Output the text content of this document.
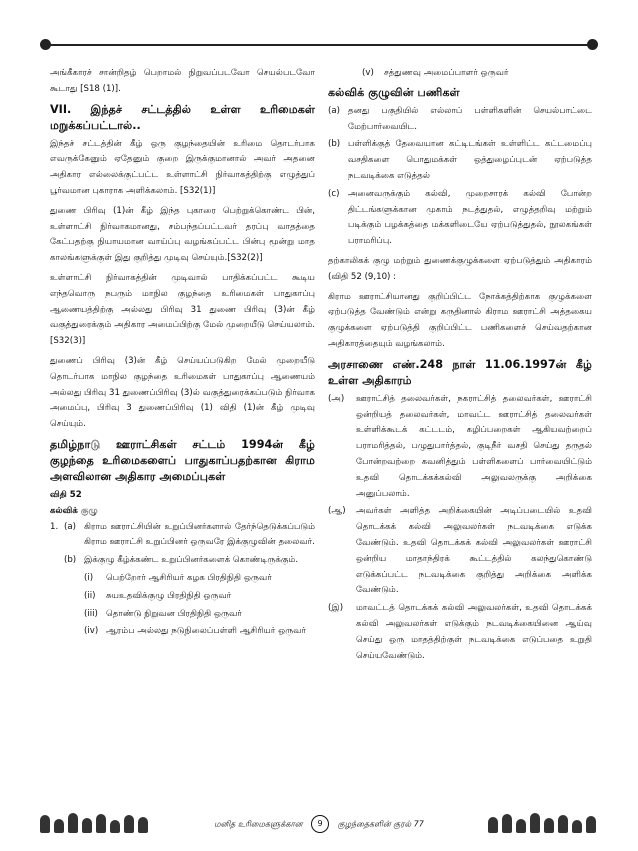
அங்கீகாரச் சான்றிதழ் பெறாமல் நிறுவப்படவோ செயல்படவோ கூடாது [S18 (1)].

VII. இந்தச் சட்டத்தில் உள்ள உரிமைகள் மறுக்கப்பட்டால்..

இந்தச் சட்டத்தின் கீழ் ஒரு குழந்தையின் உரிமை தொடர்பாக எவருக்கேனும் ஏதேனும் குறை இருக்குமானால் அவர் அதனை அதிகார எல்லைக்குட்பட்ட உள்ளாட்சி நிர்வாகத்திற்கு எழுத்துப் பூர்வமான புகாராக அளிக்கலாம். [S32(1)]

துணை பிரிவு (1)ன் கீழ் இந்த புகாரை பெற்றுக்கொண்ட பின், உள்ளாட்சி நிர்வாகமானது, சம்பந்தப்பட்டவர் தரப்பு வாதத்தை கேட்பதற்கு நியாயமான வாய்ப்பு வழங்கப்பட்ட பின்பு மூன்று மாத காலங்களுக்குள் இது குறித்து முடிவு செய்யும்.[S32(2)]

உள்ளாட்சி நிர்வாகத்தின் முடிவால் பாதிக்கப்பட்ட கூடிய எந்தவொரு நபரும் மாநில குழந்தை உரிமைகள் பாதுகாப்பு ஆணையத்திற்கு அல்லது பிரிவு 31 துணை பிரிவு (3)ன் கீழ் வகுத்துரைக்கும் அதிகார அமைப்பிற்கு மேல் முறையீடு செய்யலாம்.[S32(3)]

துணைப் பிரிவு (3)ன் கீழ் செய்யப்படுகிற மேல் முறையீடு தொடர்பாக மாநில குழந்தை உரிமைகள் பாதுகாப்பு ஆணையம் அல்லது பிரிவு 31 துணைப்பிரிவு (3)ல் வகுத்துரைக்கப்படும் நிர்வாக அமைப்பு, பிரிவு 3 துணைப்பிரிவு (1) விதி (1)ன் கீழ் முடிவு செய்யும்.

தமிழ்நாடு ஊராட்சிகள் சட்டம் 1994ன் கீழ் குழந்தை உரிமைகளைப் பாதுகாப்பதற்கான கிராம அளவிலான அதிகார அமைப்புகள்
விதி 52
கல்விக் குழு
1. (a) கிராம ஊராட்சியின் உறுப்பினர்களால் தேர்ந்தெடுக்கப்படும் கிராம ஊராட்சி உறுப்பினர் ஒருவரே இக்குழுவின் தலைவர்.
(b) இக்குழு கீழ்க்கண்ட உறுப்பினர்களைக் கொண்டிருக்கும்.
(i)	பெற்றோர் ஆசிரியர் கழக பிரதிநிதி ஒருவர்
(ii)	சுயஉதவிக்குழு பிரதிநிதி ஒருவர்
(iii) தொண்டு நிறுவன பிரதிநிதி ஒருவர்
(iv) ஆரம்ப அல்லது நடுநிலைப்பள்ளி ஆசிரியர் ஒருவர்
(v)	சத்துணவு அமைப்பாளர் ஒருவர்
கல்விக் குழுவின் பணிகள்
(a) தனது பகுதியில் எல்லாப் பள்ளிகளின் செயல்பாட்டை மேற்பார்வையிட.
(b) பள்ளிக்குத் தேவையான கட்டிடங்கள் உள்ளிட்ட கட்டமைப்பு வசதிகளை பொதுமக்கள் ஒத்துழைப்புடன் ஏற்படுத்த நடவடிக்கை எடுத்தல்
(c) அனைவருக்கும் கல்வி, முறைசாரக் கல்வி போன்ற திட்டங்களுக்கான முகாம் நடத்துதல், எழுத்தறிவு மற்றும் படிக்கும் பழக்கத்தை மக்களிடையே ஏற்படுத்துதல், நூலகங்கள் பராமரிப்பு.

தற்காலிகக் குழு மற்றும் துணைக்குழுக்களை ஏற்படுத்தும் அதிகாரம் (விதி 52 (9,10) :

கிராம ஊராட்சியானது குறிப்பிட்ட நோக்கத்திற்காக குழுக்களை ஏற்படுத்த வேண்டும் என்று கருதினால் கிராம ஊராட்சி அத்தகைய குழுக்களை ஏற்படுத்தி குறிப்பிட்ட பணிகளைச் செய்வதற்கான அதிகாரத்தையும் வழங்கலாம்.

அரசாணை எண்.248 நாள் 11.06.1997ன் கீழ் உள்ள அதிகாரம்
(அ)	ஊராட்சித் தலைவர்கள், நகராட்சித் தலைவர்கள், ஊராட்சி ஒன்றியத் தலைவர்கள், மாவட்ட ஊராட்சித் தலைவர்கள் உள்ளிக்கூடக் கட்டடம், கழிப்பறைகள் ஆகியவற்றைப் பராமரித்தல், பழுதுபார்த்தல், குடிநீர் வசதி செய்து தருதல் போன்றவற்றை கவனித்தும் பள்ளிகளைப் பார்வையிட்டும் உதவி தொடக்கக்கல்வி அலுவலருக்கு அறிக்கை அனுப்பலாம்.
(ஆ)	அவர்கள் அளித்த அறிக்கையின் அடிப்படையில் உதவி தொடக்கக் கல்வி அலுவலர்கள் நடவடிக்கை எடுக்க வேண்டும். உதவி தொடக்கக் கல்வி அலுவலர்கள் ஊராட்சி ஒன்றிய மாதாந்திரக் கூட்டத்தில் கலந்துகொண்டு எடுக்கப்பட்ட நடவடிக்கை குறித்து அறிக்கை அளிக்க வேண்டும்.
(இ)	மாவட்டத் தொடக்கக் கல்வி அலுவலர்கள், உதவி தொடக்கக் கல்வி அலுவலர்கள் எடுக்கும் நடவடிக்கையினை ஆய்வு செய்து ஒரு மாதத்திற்குள் நடவடிக்கை எடுப்பதை உறுதி செய்யவேண்டும்.
மனித உரிமைகளுக்கான 9 குழந்தைகளின் குரல் 77
